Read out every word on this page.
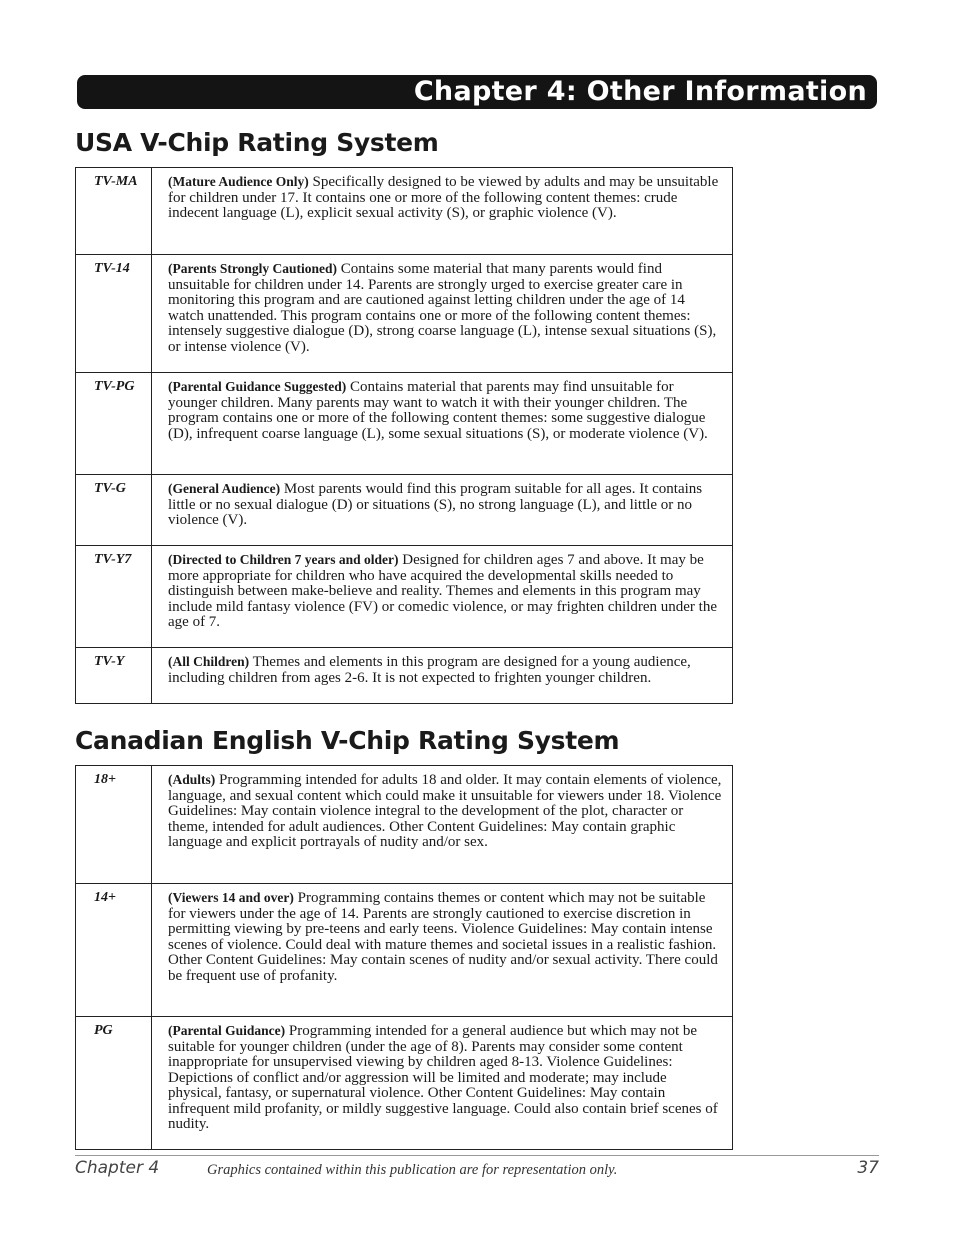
Chapter 4: Other Information
USA V-Chip Rating System
TV-MA	(Mature Audience Only) Specifically designed to be viewed by adults and may be unsuitable for children under 17. It contains one or more of the following content themes: crude indecent language (L), explicit sexual activity (S), or graphic violence (V).

TV-14	(Parents Strongly Cautioned) Contains some material that many parents would find unsuitable for children under 14. Parents are strongly urged to exercise greater care in monitoring this program and are cautioned against letting children under the age of 14 watch unattended. This program contains one or more of the following content themes: intensely suggestive dialogue (D), strong coarse language (L), intense sexual situations (S), or intense violence (V).

TV-PG	(Parental Guidance Suggested) Contains material that parents may find unsuitable for younger children. Many parents may want to watch it with their younger children. The program contains one or more of the following content themes: some suggestive dialogue (D), infrequent coarse language (L), some sexual situations (S), or moderate violence (V).

TV-G	(General Audience) Most parents would find this program suitable for all ages. It contains little or no sexual dialogue (D) or situations (S), no strong language (L), and little or no violence (V).

TV-Y7	(Directed to Children 7 years and older) Designed for children ages 7 and above. It may be more appropriate for children who have acquired the developmental skills needed to distinguish between make-believe and reality. Themes and elements in this program may include mild fantasy violence (FV) or comedic violence, or may frighten children under the age of 7.

TV-Y	(All Children) Themes and elements in this program are designed for a young audience, including children from ages 2-6. It is not expected to frighten younger children.

Canadian English V-Chip Rating System
18+	(Adults) Programming intended for adults 18 and older. It may contain elements of violence, language, and sexual content which could make it unsuitable for viewers under 18. Violence Guidelines: May contain violence integral to the development of the plot, character or theme, intended for adult audiences. Other Content Guidelines: May contain graphic language and explicit portrayals of nudity and/or sex.

14+	(Viewers 14 and over) Programming contains themes or content which may not be suitable for viewers under the age of 14. Parents are strongly cautioned to exercise discretion in permitting viewing by pre-teens and early teens. Violence Guidelines: May contain intense scenes of violence. Could deal with mature themes and societal issues in a realistic fashion. Other Content Guidelines: May contain scenes of nudity and/or sexual activity. There could be frequent use of profanity.

PG	(Parental Guidance) Programming intended for a general audience but which may not be suitable for younger children (under the age of 8). Parents may consider some content inappropriate for unsupervised viewing by children aged 8-13. Violence Guidelines: Depictions of conflict and/or aggression will be limited and moderate; may include physical, fantasy, or supernatural violence. Other Content Guidelines: May contain infrequent mild profanity, or mildly suggestive language. Could also contain brief scenes of nudity.

Chapter 4	Graphics contained within this publication are for representation only.	37
